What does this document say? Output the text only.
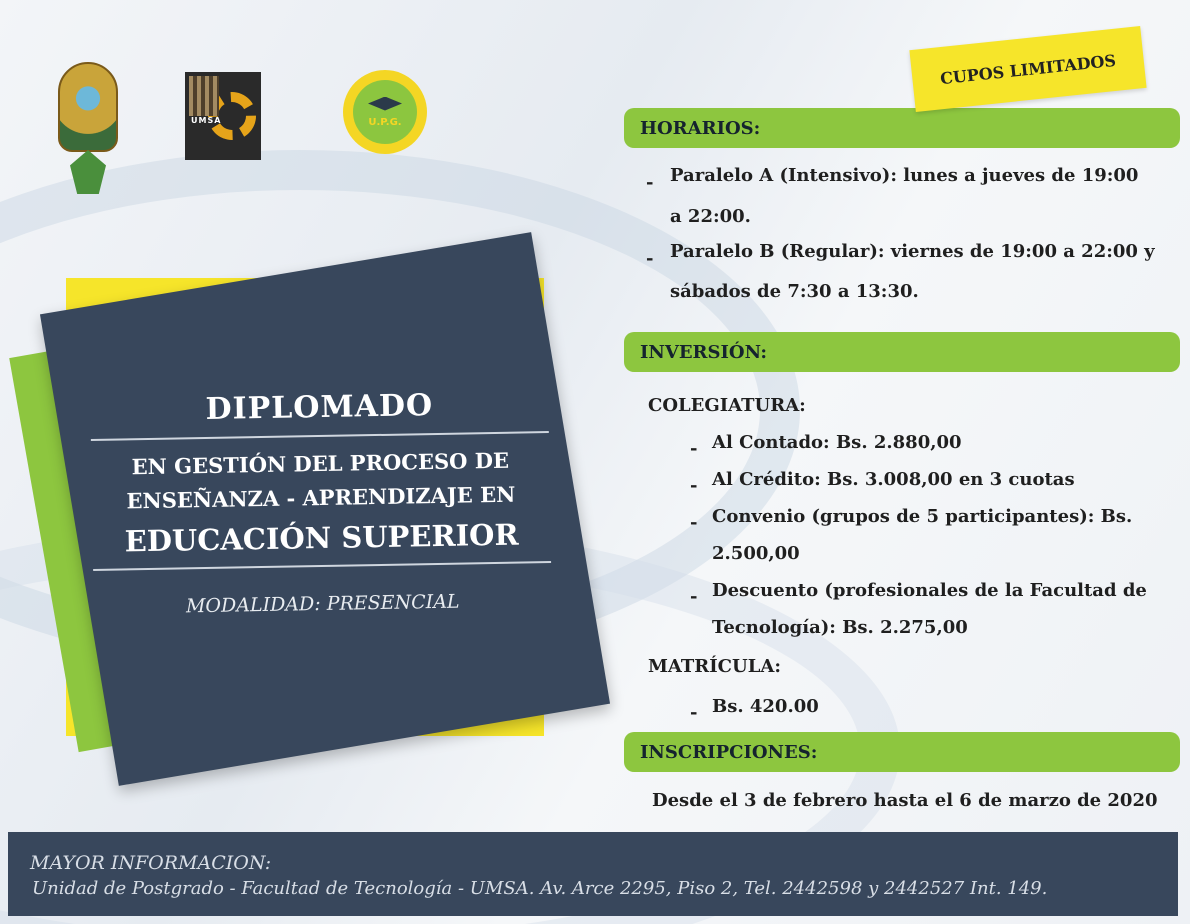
UMSA	U.P.G.
DIPLOMADO
EN GESTIÓN DEL PROCESO DE
ENSEÑANZA - APRENDIZAJE EN
EDUCACIÓN SUPERIOR
MODALIDAD: PRESENCIAL
HORARIOS:
CUPOS LIMITADOS
- Paralelo A (Intensivo): lunes a jueves de 19:00
a 22:00.
- Paralelo B (Regular): viernes de 19:00 a 22:00 y
sábados de 7:30 a 13:30.
INVERSIÓN:
COLEGIATURA:
- Al Contado: Bs. 2.880,00
- Al Crédito: Bs. 3.008,00 en 3 cuotas
- Convenio (grupos de 5 participantes): Bs.
2.500,00
- Descuento (profesionales de la Facultad de
Tecnología): Bs. 2.275,00
MATRÍCULA:
- Bs. 420.00
INSCRIPCIONES:
Desde el 3 de febrero hasta el 6 de marzo de 2020
MAYOR INFORMACION:
Unidad de Postgrado - Facultad de Tecnología - UMSA. Av. Arce 2295, Piso 2, Tel. 2442598 y 2442527 Int. 149.
